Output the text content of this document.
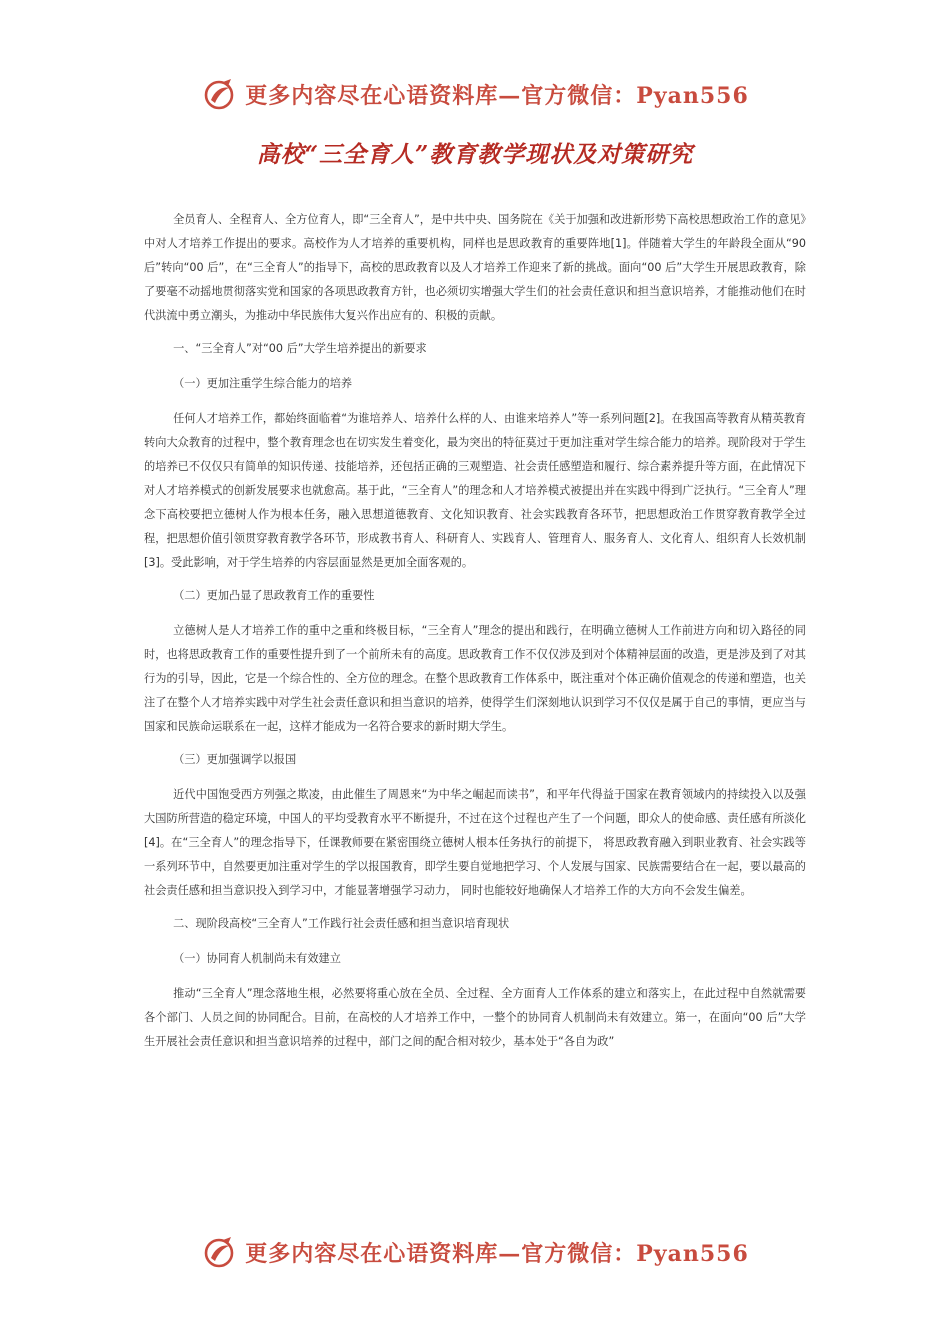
更多内容尽在心语资料库—官方微信：Pyan556
高校“三全育人”教育教学现状及对策研究

全员育人、全程育人、全方位育人，即“三全育人”，是中共中央、国务院在《关于加强和改进新形势下高校思想政治工作的意见》中对人才培养工作提出的要求。高校作为人才培养的重要机构，同样也是思政教育的重要阵地[1]。伴随着大学生的年龄段全面从“90 后”转向“00 后”，在“三全育人”的指导下，高校的思政教育以及人才培养工作迎来了新的挑战。面向“00 后”大学生开展思政教育，除了要毫不动摇地贯彻落实党和国家的各项思政教育方针，也必须切实增强大学生们的社会责任意识和担当意识培养，才能推动他们在时代洪流中勇立潮头，为推动中华民族伟大复兴作出应有的、积极的贡献。

一、“三全育人”对“00 后”大学生培养提出的新要求

（一）更加注重学生综合能力的培养

任何人才培养工作，都始终面临着“为谁培养人、培养什么样的人、由谁来培养人”等一系列问题[2]。在我国高等教育从精英教育转向大众教育的过程中，整个教育理念也在切实发生着变化，最为突出的特征莫过于更加注重对学生综合能力的培养。现阶段对于学生的培养已不仅仅只有简单的知识传递、技能培养，还包括正确的三观塑造、社会责任感塑造和履行、综合素养提升等方面，在此情况下对人才培养模式的创新发展要求也就愈高。基于此，“三全育人”的理念和人才培养模式被提出并在实践中得到广泛执行。“三全育人”理念下高校要把立德树人作为根本任务，融入思想道德教育、文化知识教育、社会实践教育各环节，把思想政治工作贯穿教育教学全过程，把思想价值引领贯穿教育教学各环节，形成教书育人、科研育人、实践育人、管理育人、服务育人、文化育人、组织育人长效机制[3]。受此影响，对于学生培养的内容层面显然是更加全面客观的。

（二）更加凸显了思政教育工作的重要性

立德树人是人才培养工作的重中之重和终极目标，“三全育人”理念的提出和践行，在明确立德树人工作前进方向和切入路径的同时，也将思政教育工作的重要性提升到了一个前所未有的高度。思政教育工作不仅仅涉及到对个体精神层面的改造，更是涉及到了对其行为的引导，因此，它是一个综合性的、全方位的理念。在整个思政教育工作体系中，既注重对个体正确价值观念的传递和塑造，也关注了在整个人才培养实践中对学生社会责任意识和担当意识的培养，使得学生们深刻地认识到学习不仅仅是属于自己的事情，更应当与国家和民族命运联系在一起，这样才能成为一名符合要求的新时期大学生。

（三）更加强调学以报国

近代中国饱受西方列强之欺凌，由此催生了周恩来“为中华之崛起而读书”，和平年代得益于国家在教育领域内的持续投入以及强大国防所营造的稳定环境，中国人的平均受教育水平不断提升，不过在这个过程也产生了一个问题，即众人的使命感、责任感有所淡化[4]。在“三全育人”的理念指导下，任课教师要在紧密围绕立德树人根本任务执行的前提下， 将思政教育融入到职业教育、社会实践等一系列环节中，自然要更加注重对学生的学以报国教育，即学生要自觉地把学习、个人发展与国家、民族需要结合在一起，要以最高的社会责任感和担当意识投入到学习中，才能显著增强学习动力， 同时也能较好地确保人才培养工作的大方向不会发生偏差。

二、现阶段高校“三全育人”工作践行社会责任感和担当意识培育现状

（一）协同育人机制尚未有效建立

推动“三全育人”理念落地生根，必然要将重心放在全员、全过程、全方面育人工作体系的建立和落实上，在此过程中自然就需要各个部门、人员之间的协同配合。目前，在高校的人才培养工作中，一整个的协同育人机制尚未有效建立。第一，在面向“00 后”大学生开展社会责任意识和担当意识培养的过程中，部门之间的配合相对较少，基本处于“各自为政”

更多内容尽在心语资料库—官方微信：Pyan556
